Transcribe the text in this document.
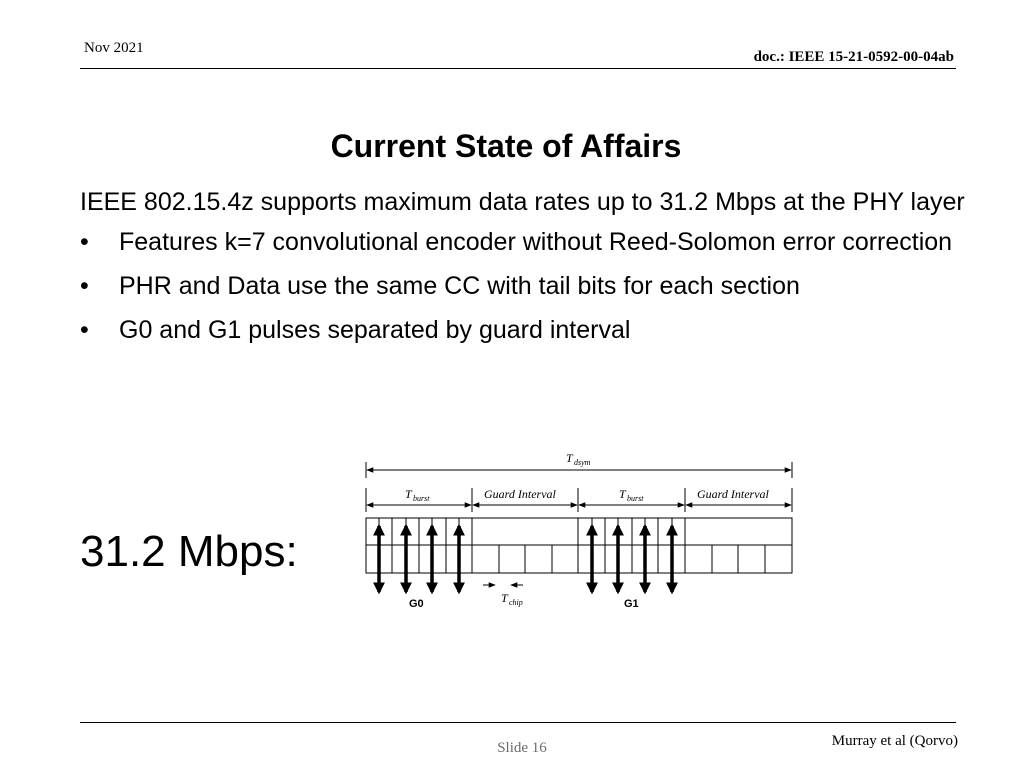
Nov 2021
doc.: IEEE 15-21-0592-00-04ab
Current State of Affairs

IEEE 802.15.4z supports maximum data rates up to 31.2 Mbps at the PHY layer

•	Features k=7 convolutional encoder without Reed-Solomon error correction
•	PHR and Data use the same CC with tail bits for each section
•	G0 and G1 pulses separated by guard interval
31.2 Mbps:
T dsym
T burst	Guard Interval	T burst	Guard Interval
T chip
G0	G1
Slide 16	Murray et al (Qorvo)
